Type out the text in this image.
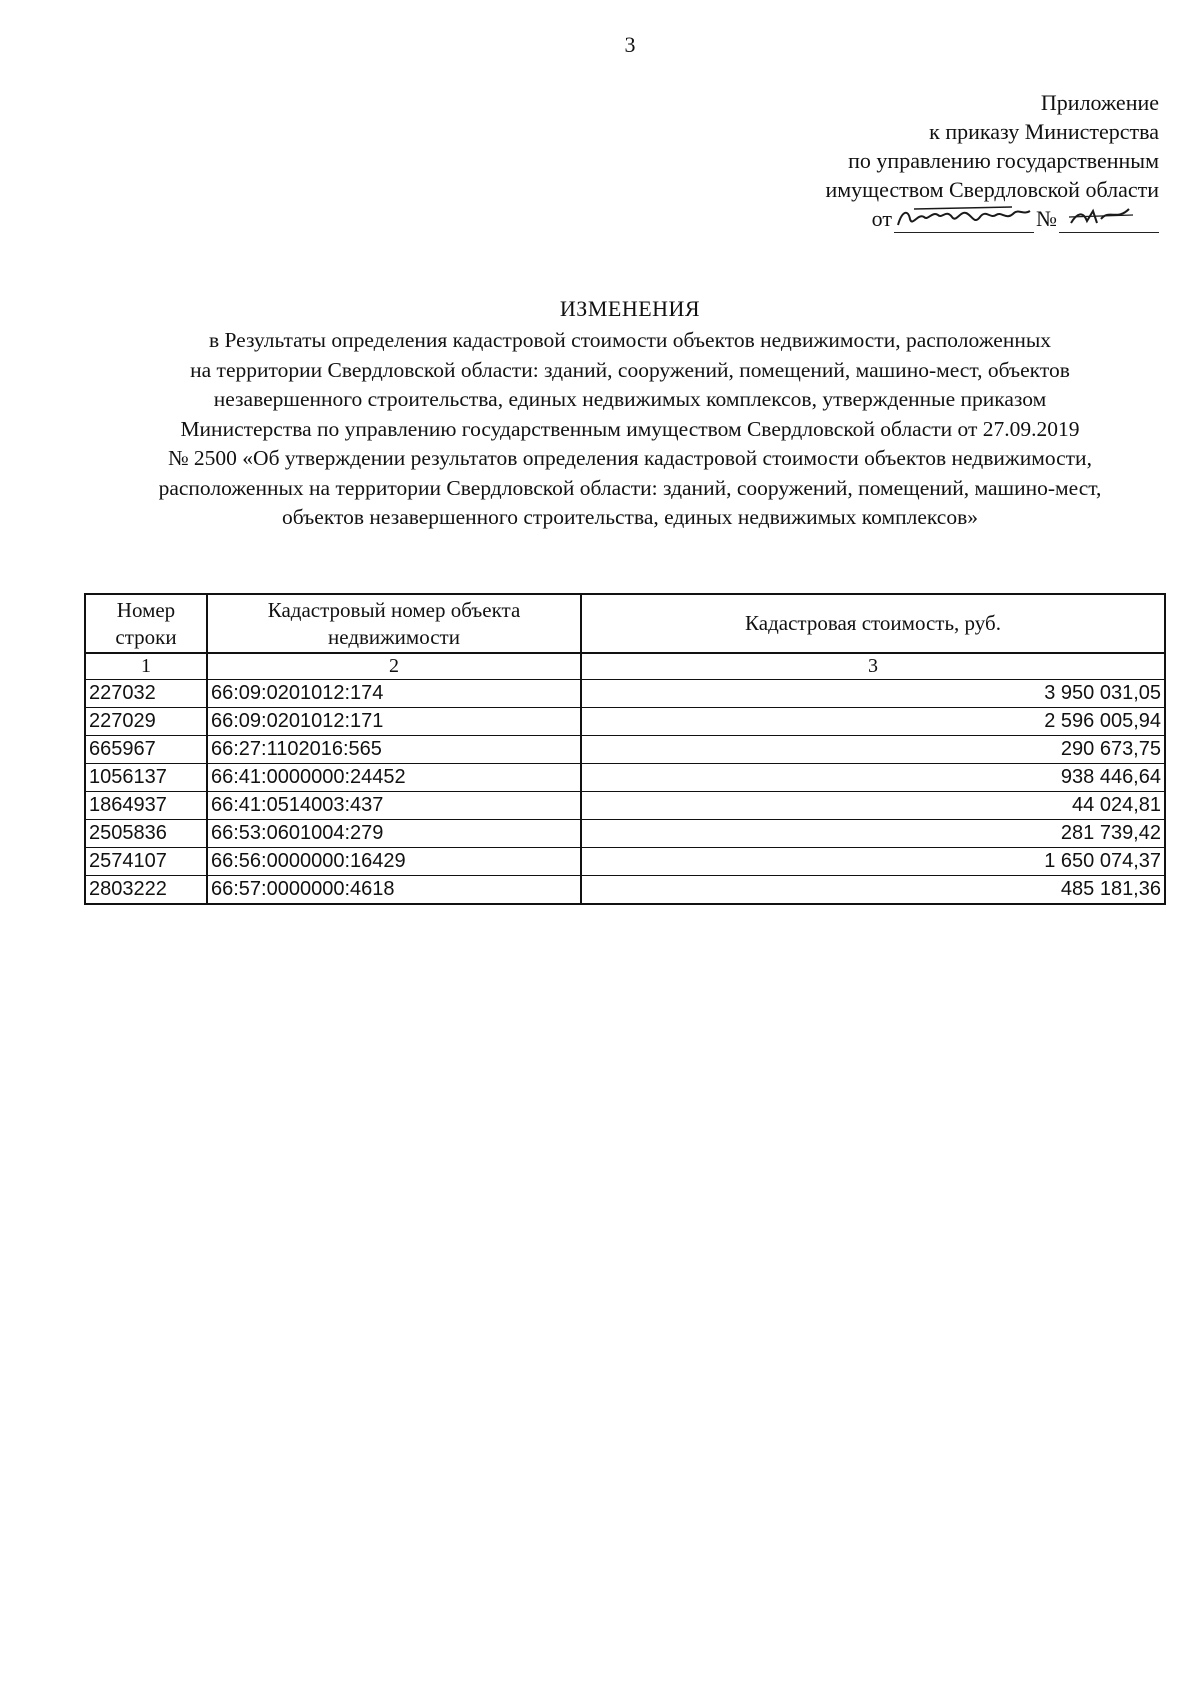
3
Приложение
к приказу Министерства
по управлению государственным
имуществом Свердловской области
от	№
ИЗМЕНЕНИЯ
в Результаты определения кадастровой стоимости объектов недвижимости, расположенных
на территории Свердловской области: зданий, сооружений, помещений, машино-мест, объектов
незавершенного строительства, единых недвижимых комплексов, утвержденные приказом
Министерства по управлению государственным имуществом Свердловской области от 27.09.2019
№ 2500 «Об утверждении результатов определения кадастровой стоимости объектов недвижимости,
расположенных на территории Свердловской области: зданий, сооружений, помещений, машино-мест,
объектов незавершенного строительства, единых недвижимых комплексов»
Номер строки	Кадастровый номер объекта недвижимости	Кадастровая стоимость, руб.
1	2	3
227032	66:09:0201012:174	3 950 031,05
227029	66:09:0201012:171	2 596 005,94
665967	66:27:1102016:565	290 673,75
1056137	66:41:0000000:24452	938 446,64
1864937	66:41:0514003:437	44 024,81
2505836	66:53:0601004:279	281 739,42
2574107	66:56:0000000:16429	1 650 074,37
2803222	66:57:0000000:4618	485 181,36
